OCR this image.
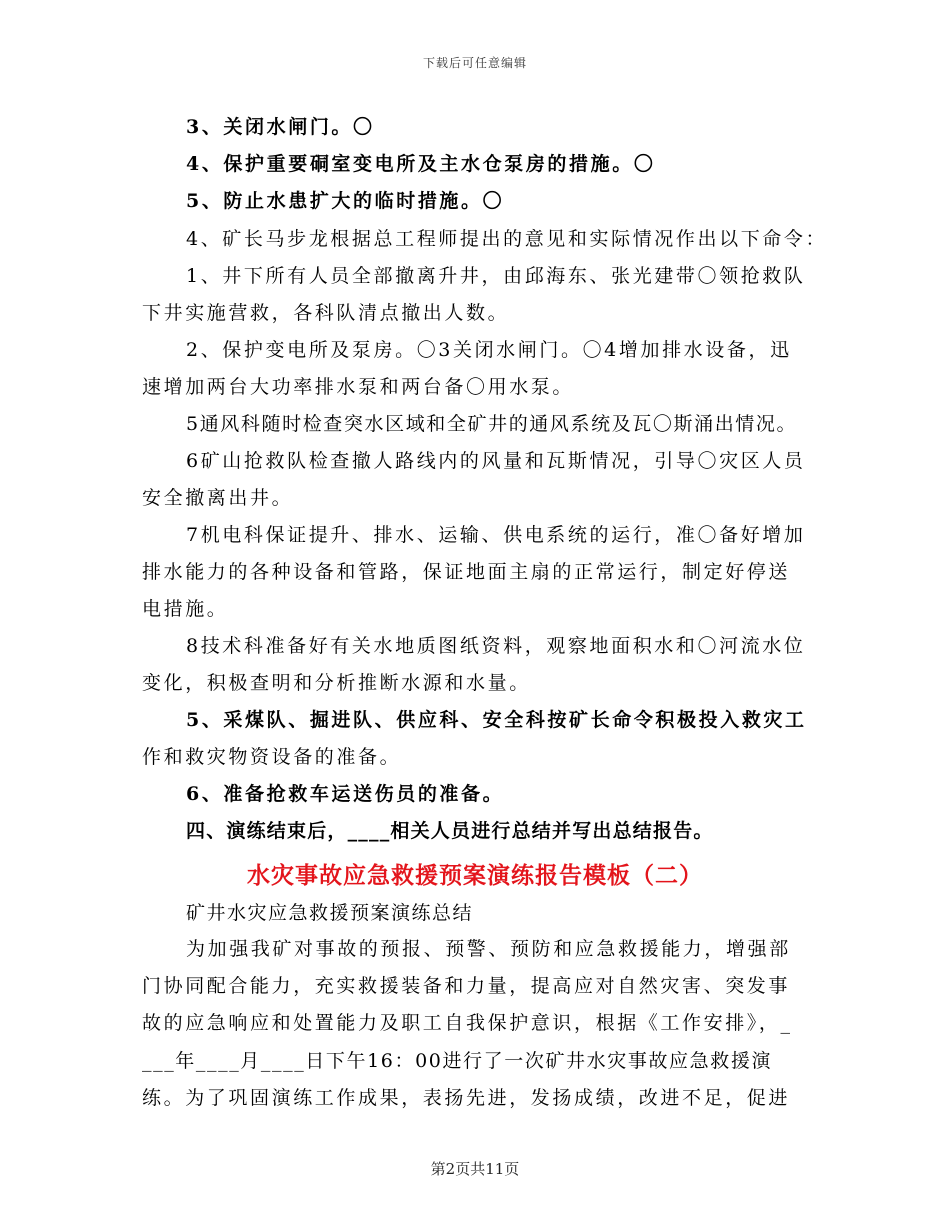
下载后可任意编辑
3、关闭水闸门。〇
4、保护重要硐室变电所及主水仓泵房的措施。〇
5、防止水患扩大的临时措施。〇
4、矿长马步龙根据总工程师提出的意见和实际情况作出以下命令：
1、井下所有人员全部撤离升井，由邱海东、张光建带〇领抢救队
下井实施营救，各科队清点撤出人数。
2、保护变电所及泵房。〇3关闭水闸门。〇4增加排水设备，迅
速增加两台大功率排水泵和两台备〇用水泵。
5通风科随时检查突水区域和全矿井的通风系统及瓦〇斯涌出情况。
6矿山抢救队检查撤人路线内的风量和瓦斯情况，引导〇灾区人员
安全撤离出井。
7机电科保证提升、排水、运输、供电系统的运行，准〇备好增加
排水能力的各种设备和管路，保证地面主扇的正常运行，制定好停送
电措施。
8技术科准备好有关水地质图纸资料，观察地面积水和〇河流水位
变化，积极查明和分析推断水源和水量。
5、采煤队、掘进队、供应科、安全科按矿长命令积极投入救灾工
作和救灾物资设备的准备。
6、准备抢救车运送伤员的准备。
四、演练结束后，____相关人员进行总结并写出总结报告。
水灾事故应急救援预案演练报告模板（二）
矿井水灾应急救援预案演练总结
为加强我矿对事故的预报、预警、预防和应急救援能力，增强部
门协同配合能力，充实救援装备和力量，提高应对自然灾害、突发事
故的应急响应和处置能力及职工自我保护意识，根据《工作安排》，_
___年____月____日下午16：00进行了一次矿井水灾事故应急救援演
练。为了巩固演练工作成果，表扬先进，发扬成绩，改进不足，促进
第2页共11页
